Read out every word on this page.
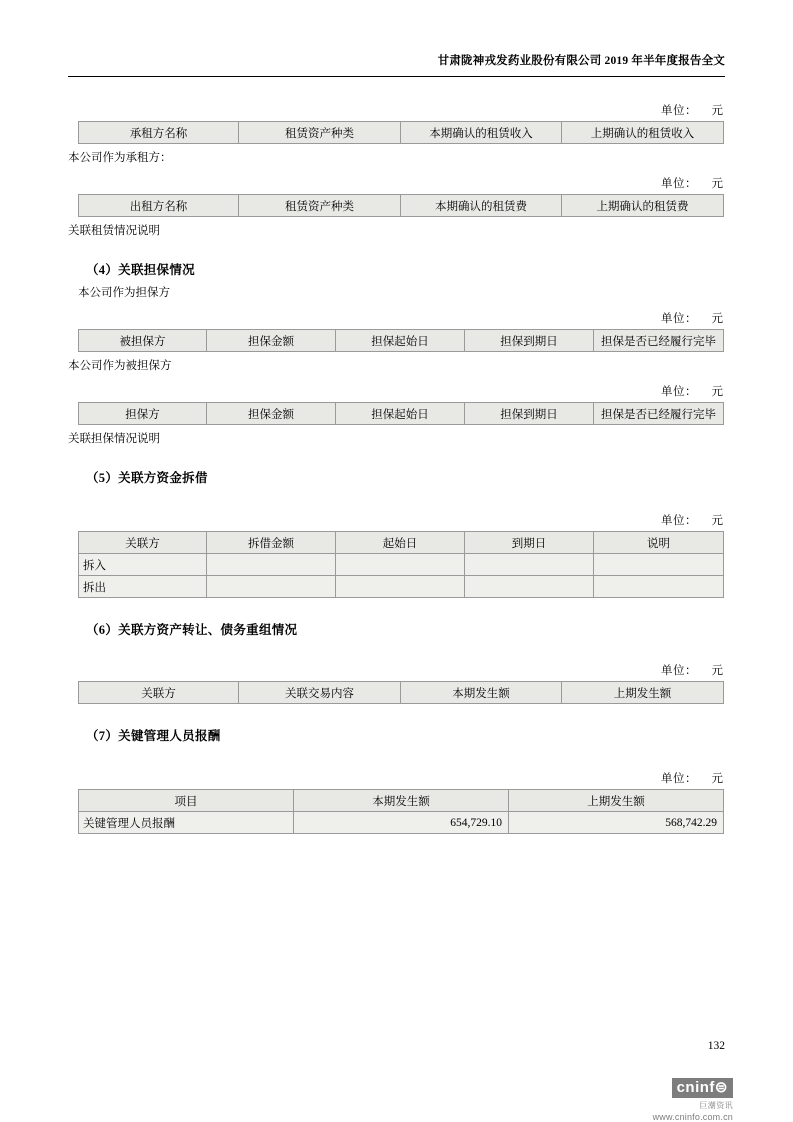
甘肃陇神戎发药业股份有限公司 2019 年半年度报告全文
单位： 元
承租方名称	租赁资产种类	本期确认的租赁收入	上期确认的租赁收入
本公司作为承租方：
单位： 元
出租方名称	租赁资产种类	本期确认的租赁费	上期确认的租赁费
关联租赁情况说明
（4）关联担保情况
本公司作为担保方
单位： 元
被担保方	担保金额	担保起始日	担保到期日	担保是否已经履行完毕
本公司作为被担保方
单位： 元
担保方	担保金额	担保起始日	担保到期日	担保是否已经履行完毕
关联担保情况说明
（5）关联方资金拆借
单位： 元
关联方	拆借金额	起始日	到期日	说明
拆入				
拆出				
（6）关联方资产转让、债务重组情况
单位： 元
关联方	关联交易内容	本期发生额	上期发生额
（7）关键管理人员报酬
单位： 元
项目	本期发生额	上期发生额
关键管理人员报酬	654,729.10	568,742.29
132
cninf⊜
巨潮资讯
www.cninfo.com.cn
